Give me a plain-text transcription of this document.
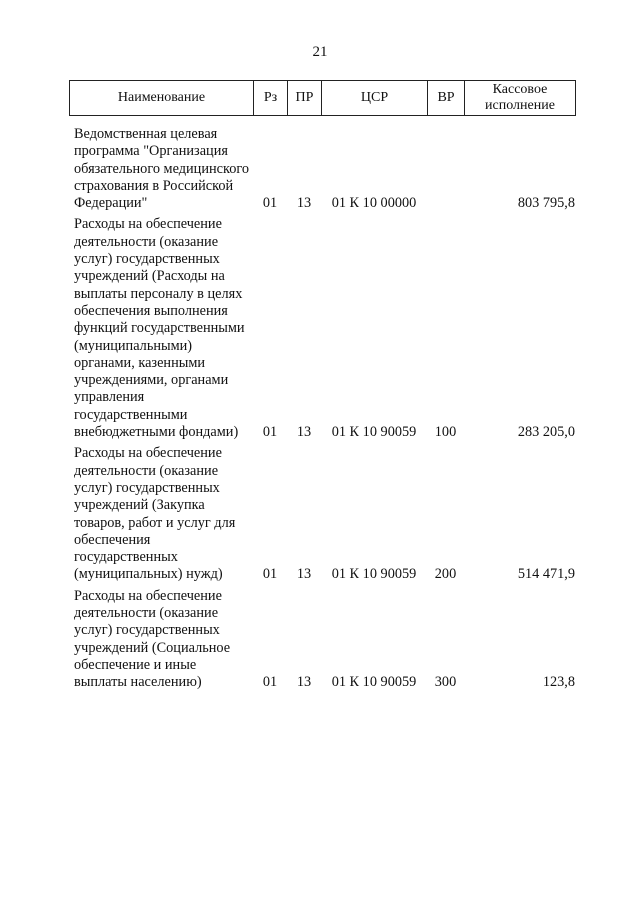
21
Наименование	Рз	ПР	ЦСР	ВР	Кассовое
исполнение
Ведомственная целевая программа "Организация обязательного медицинского страхования в Российской Федерации"	01	13	01 К 10 00000	803 795,8
Расходы на обеспечение деятельности (оказание услуг) государственных учреждений (Расходы на выплаты персоналу в целях обеспечения выполнения функций государственными (муниципальными) органами, казенными учреждениями, органами управления государственными внебюджетными фондами)	01	13	01 К 10 90059	100	283 205,0
Расходы на обеспечение деятельности (оказание услуг) государственных учреждений (Закупка товаров, работ и услуг для обеспечения государственных (муниципальных) нужд)	01	13	01 К 10 90059	200	514 471,9
Расходы на обеспечение деятельности (оказание услуг) государственных учреждений (Социальное обеспечение и иные выплаты населению)	01	13	01 К 10 90059	300	123,8
